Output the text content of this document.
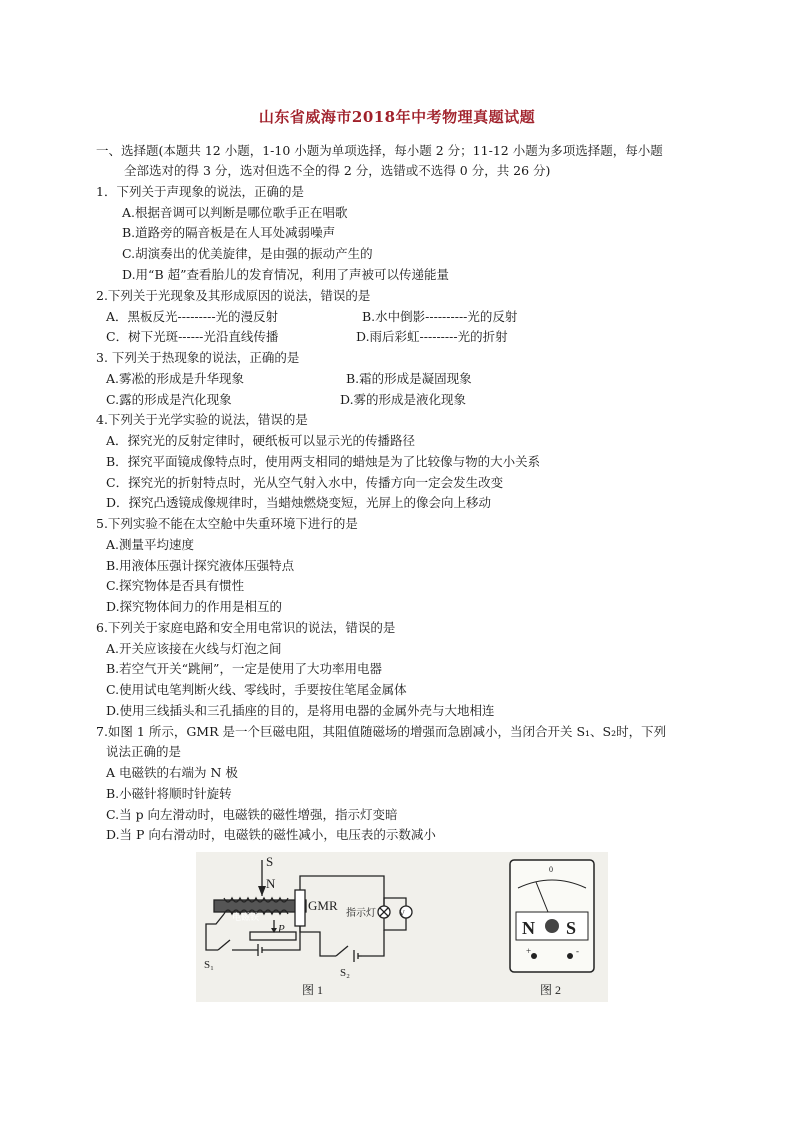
山东省威海市2018年中考物理真题试题
一、选择题(本题共 12 小题，1-10 小题为单项选择，每小题 2 分；11-12 小题为多项选择题，每小题
全部选对的得 3 分，选对但选不全的得 2 分，选错或不选得 0 分，共 26 分)
1．下列关于声现象的说法，正确的是
A.根据音调可以判断是哪位歌手正在唱歌
B.道路旁的隔音板是在人耳处减弱噪声
C.胡演奏出的优美旋律，是由强的振动产生的
D.用“B 超”查看胎儿的发育情况，利用了声被可以传递能量
2.下列关于光现象及其形成原因的说法，错误的是
A．黑板反光---------光的漫反射	B.水中倒影----------光的反射
C．树下光斑------光沿直线传播	D.雨后彩虹---------光的折射
3. 下列关于热现象的说法，正确的是
A.雾凇的形成是升华现象	B.霜的形成是凝固现象
C.露的形成是汽化现象	D.雾的形成是液化现象
4.下列关于光学实验的说法，错误的是
A．探究光的反射定律时，硬纸板可以显示光的传播路径
B．探究平面镜成像特点时，使用两支相同的蜡烛是为了比较像与物的大小关系
C．探究光的折射特点时，光从空气射入水中，传播方向一定会发生改变
D．探究凸透镜成像规律时，当蜡烛燃烧变短，光屏上的像会向上移动
5.下列实验不能在太空舱中失重环境下进行的是
A.测量平均速度
B.用液体压强计探究液体压强特点
C.探究物体是否具有惯性
D.探究物体间力的作用是相互的
6.下列关于家庭电路和安全用电常识的说法，错误的是
A.开关应该接在火线与灯泡之间
B.若空气开关“跳闸”，一定是使用了大功率用电器
C.使用试电笔判断火线、零线时，手要按住笔尾金属体
D.使用三线插头和三孔插座的目的，是将用电器的金属外壳与大地相连
7.如图 1 所示，GMR 是一个巨磁电阻，其阻值随磁场的增强而急剧减小，当闭合开关 S₁、S₂时，下列
说法正确的是
A 电磁铁的右端为 N 极
B.小磁针将顺时针旋转
C.当 p 向左滑动时，电磁铁的磁性增强，指示灯变暗
D.当 P 向右滑动时，电磁铁的磁性减小，电压表的示数减小
S
N
GMR
S₁
S₂
P
V
图 1
电磁铁	指示灯
0
N S
+	-
图 2
